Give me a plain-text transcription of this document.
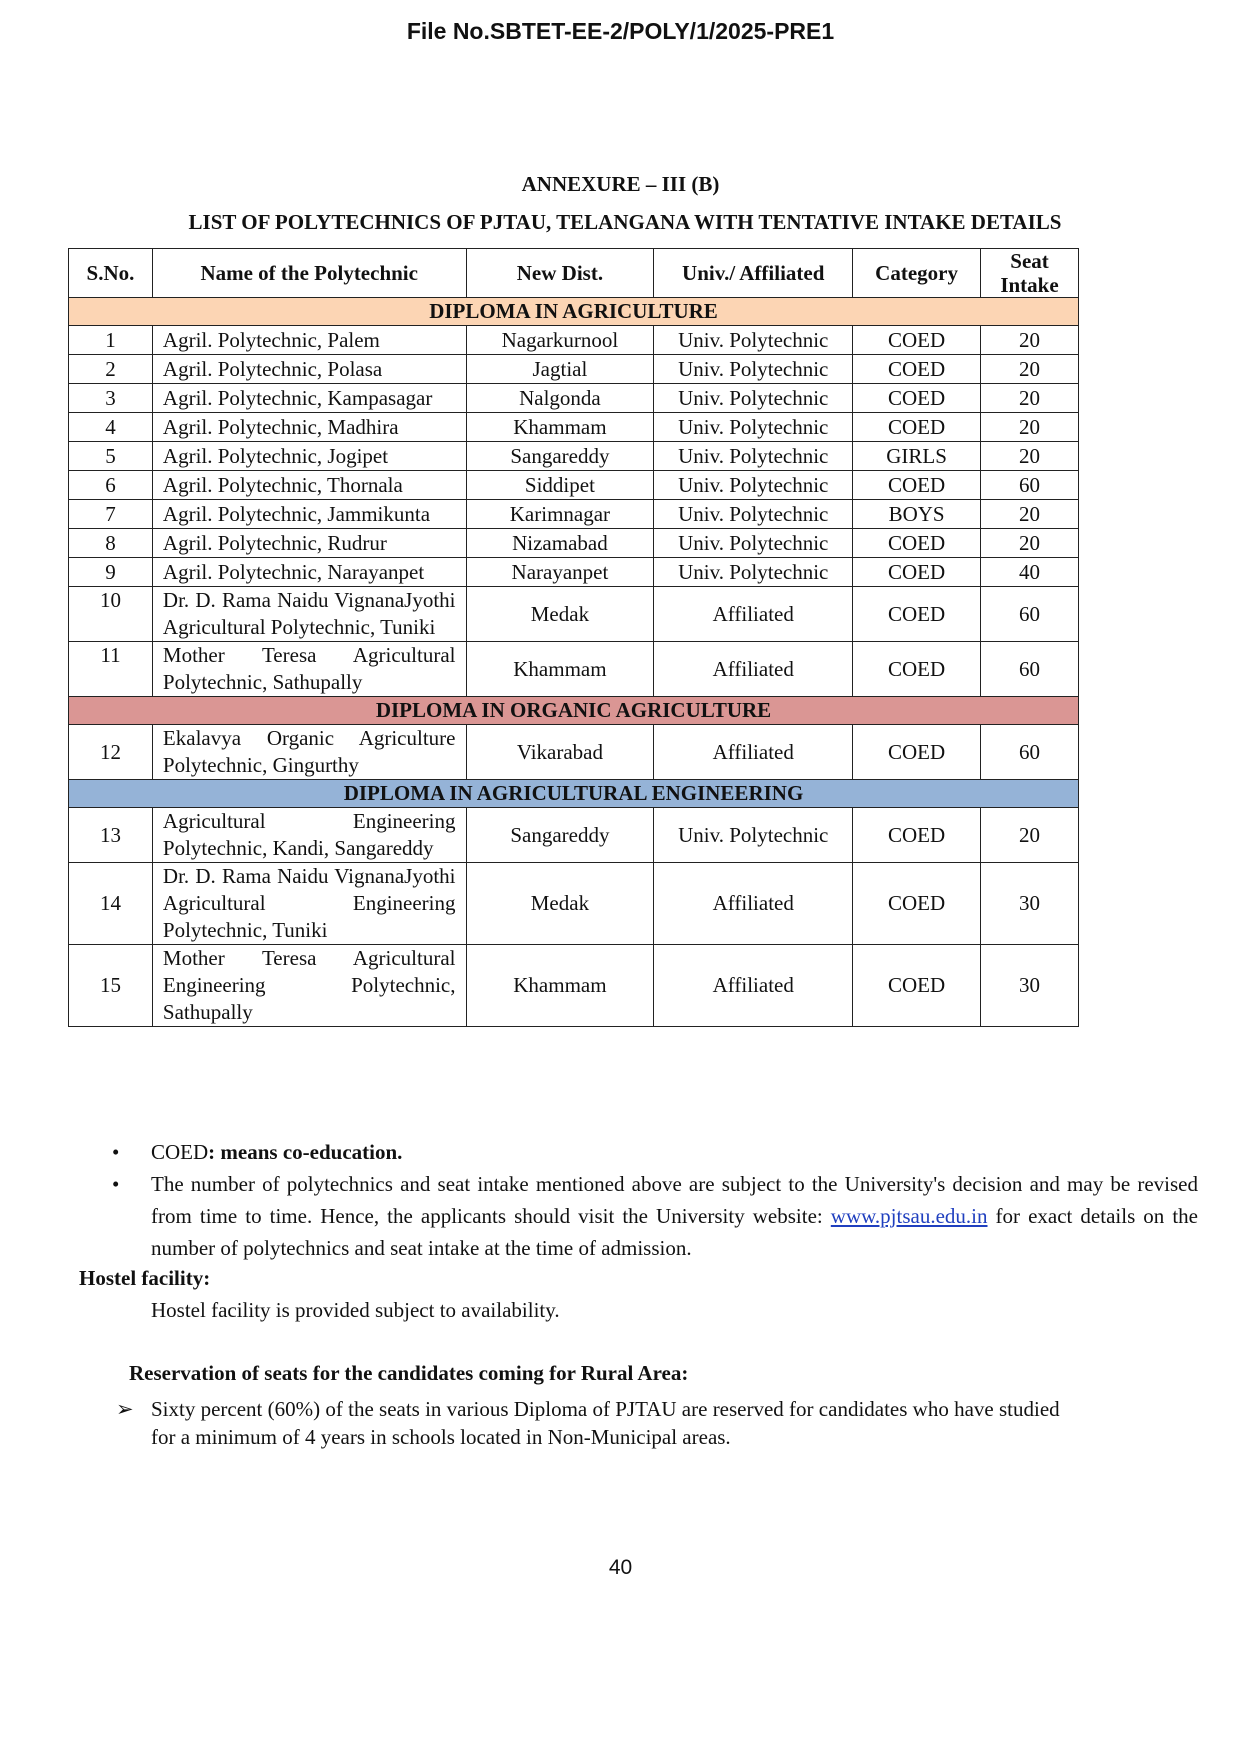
File No.SBTET-EE-2/POLY/1/2025-PRE1
ANNEXURE – III (B)
LIST OF POLYTECHNICS OF PJTAU, TELANGANA WITH TENTATIVE INTAKE DETAILS
S.No.	Name of the Polytechnic	New Dist.	Univ./ Affiliated	Category	Seat Intake
DIPLOMA IN AGRICULTURE					
1	Agril. Polytechnic, Palem	Nagarkurnool	Univ. Polytechnic	COED	20
2	Agril. Polytechnic, Polasa	Jagtial	Univ. Polytechnic	COED	20
3	Agril. Polytechnic, Kampasagar	Nalgonda	Univ. Polytechnic	COED	20
4	Agril. Polytechnic, Madhira	Khammam	Univ. Polytechnic	COED	20
5	Agril. Polytechnic, Jogipet	Sangareddy	Univ. Polytechnic	GIRLS	20
6	Agril. Polytechnic, Thornala	Siddipet	Univ. Polytechnic	COED	60
7	Agril. Polytechnic, Jammikunta	Karimnagar	Univ. Polytechnic	BOYS	20
8	Agril. Polytechnic, Rudrur	Nizamabad	Univ. Polytechnic	COED	20
9	Agril. Polytechnic, Narayanpet	Narayanpet	Univ. Polytechnic	COED	40
10	Dr. D. Rama Naidu VignanaJyothi Agricultural Polytechnic, Tuniki	Medak	Affiliated	COED	60
11	Mother Teresa Agricultural Polytechnic, Sathupally	Khammam	Affiliated	COED	60
DIPLOMA IN ORGANIC AGRICULTURE					
12	Ekalavya Organic Agriculture Polytechnic, Gingurthy	Vikarabad	Affiliated	COED	60
DIPLOMA IN AGRICULTURAL ENGINEERING					
13	Agricultural Engineering Polytechnic, Kandi, Sangareddy	Sangareddy	Univ. Polytechnic	COED	20
14	Dr. D. Rama Naidu VignanaJyothi Agricultural Engineering Polytechnic, Tuniki	Medak	Affiliated	COED	30
15	Mother Teresa Agricultural Engineering Polytechnic, Sathupally	Khammam	Affiliated	COED	30
• COED: means co-education.
• The number of polytechnics and seat intake mentioned above are subject to the University's decision and may be revised from time to time. Hence, the applicants should visit the University website: www.pjtsau.edu.in for exact details on the number of polytechnics and seat intake at the time of admission.
Hostel facility:
Hostel facility is provided subject to availability.
Reservation of seats for the candidates coming for Rural Area:
➢ Sixty percent (60%) of the seats in various Diploma of PJTAU are reserved for candidates who have studied for a minimum of 4 years in schools located in Non-Municipal areas.
40
